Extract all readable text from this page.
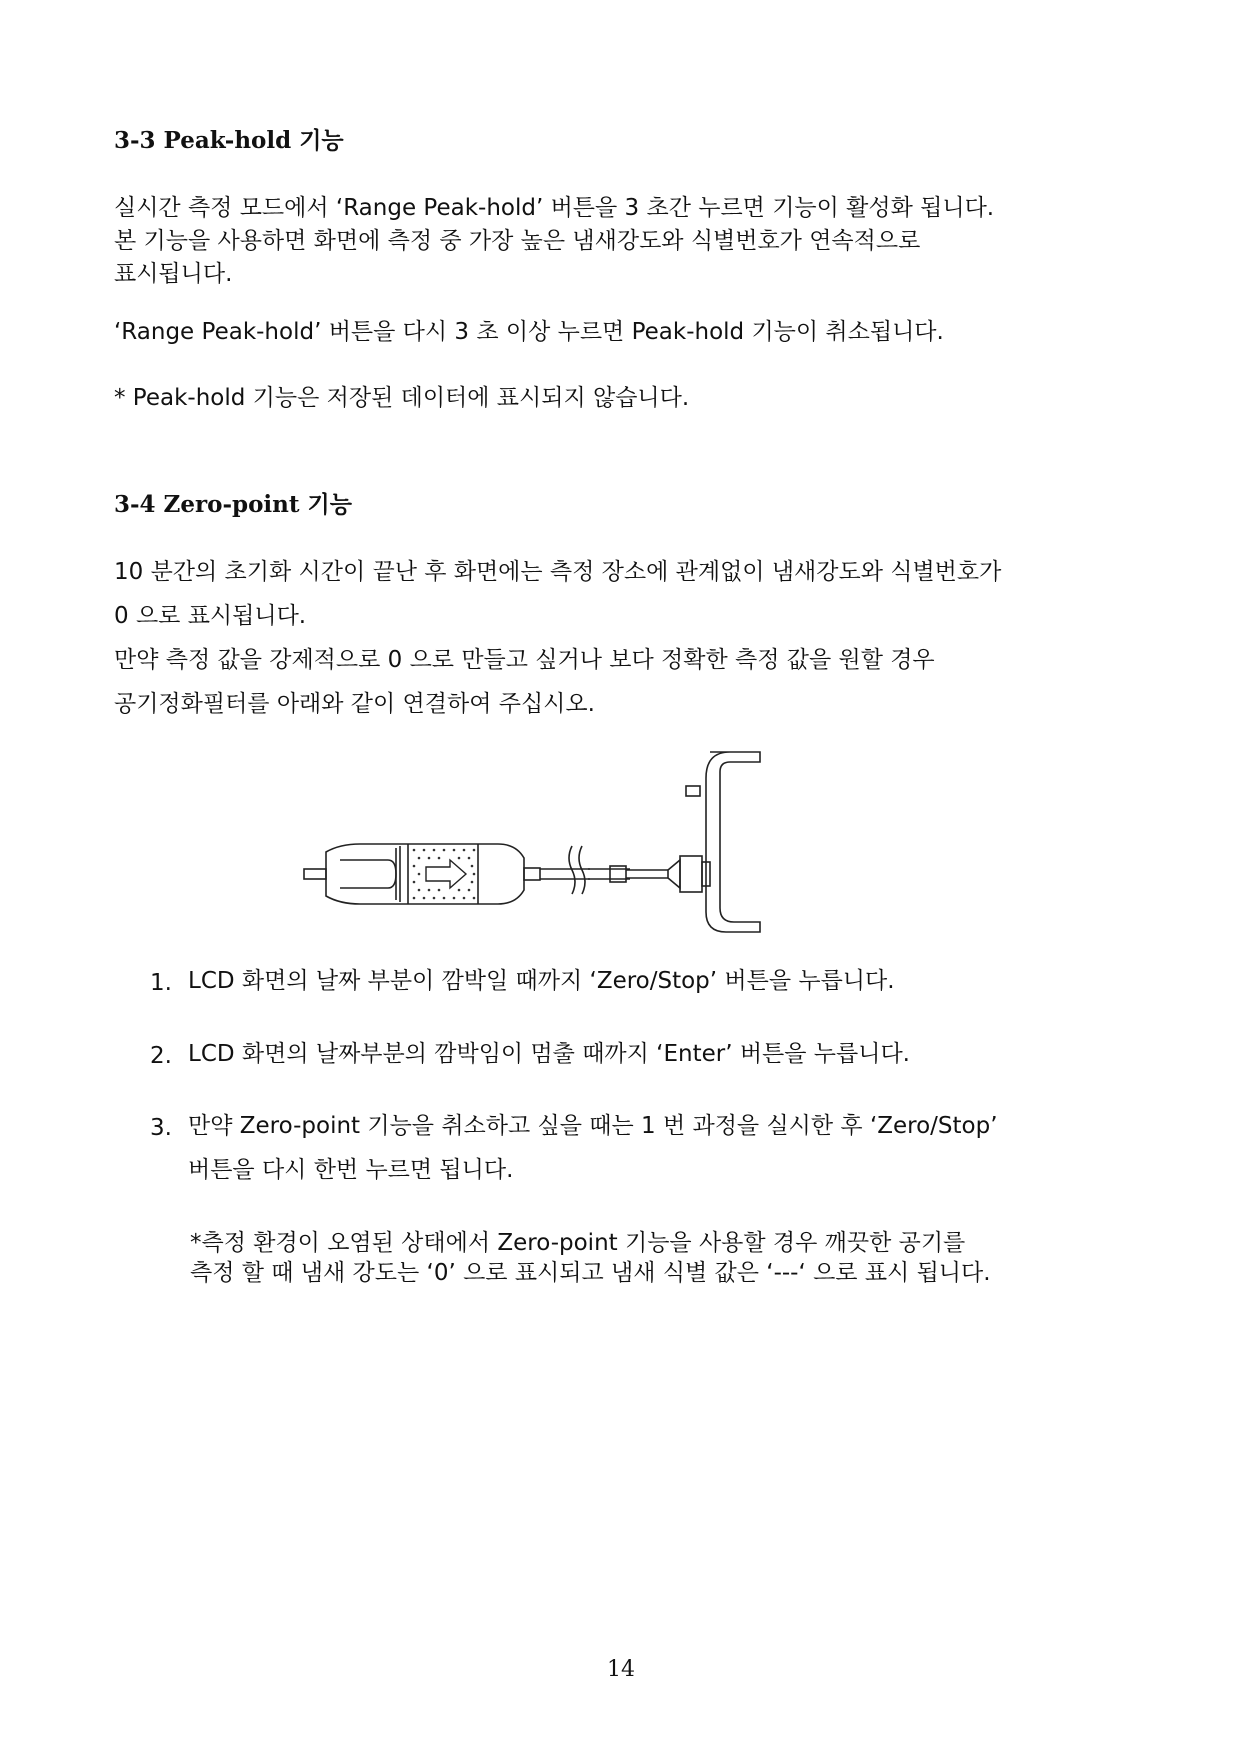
3-3 Peak-hold 기능

실시간 측정 모드에서 ‘Range Peak-hold’ 버튼을 3 초간 누르면 기능이 활성화 됩니다.
본 기능을 사용하면 화면에 측정 중 가장 높은 냄새강도와 식별번호가 연속적으로
표시됩니다.

‘Range Peak-hold’ 버튼을 다시 3 초 이상 누르면 Peak-hold 기능이 취소됩니다.

* Peak-hold 기능은 저장된 데이터에 표시되지 않습니다.

3-4 Zero-point 기능

10 분간의 초기화 시간이 끝난 후 화면에는 측정 장소에 관계없이 냄새강도와 식별번호가
0 으로 표시됩니다.
만약 측정 값을 강제적으로 0 으로 만들고 싶거나 보다 정확한 측정 값을 원할 경우
공기정화필터를 아래와 같이 연결하여 주십시오.

1. LCD 화면의 날짜 부분이 깜박일 때까지 ‘Zero/Stop’ 버튼을 누릅니다.
2. LCD 화면의 날짜부분의 깜박임이 멈출 때까지 ‘Enter’ 버튼을 누릅니다.
3. 만약 Zero-point 기능을 취소하고 싶을 때는 1 번 과정을 실시한 후 ‘Zero/Stop’
버튼을 다시 한번 누르면 됩니다.
*측정 환경이 오염된 상태에서 Zero-point 기능을 사용할 경우 깨끗한 공기를
측정 할 때 냄새 강도는 ‘0’ 으로 표시되고 냄새 식별 값은 ‘---‘ 으로 표시 됩니다.
14
